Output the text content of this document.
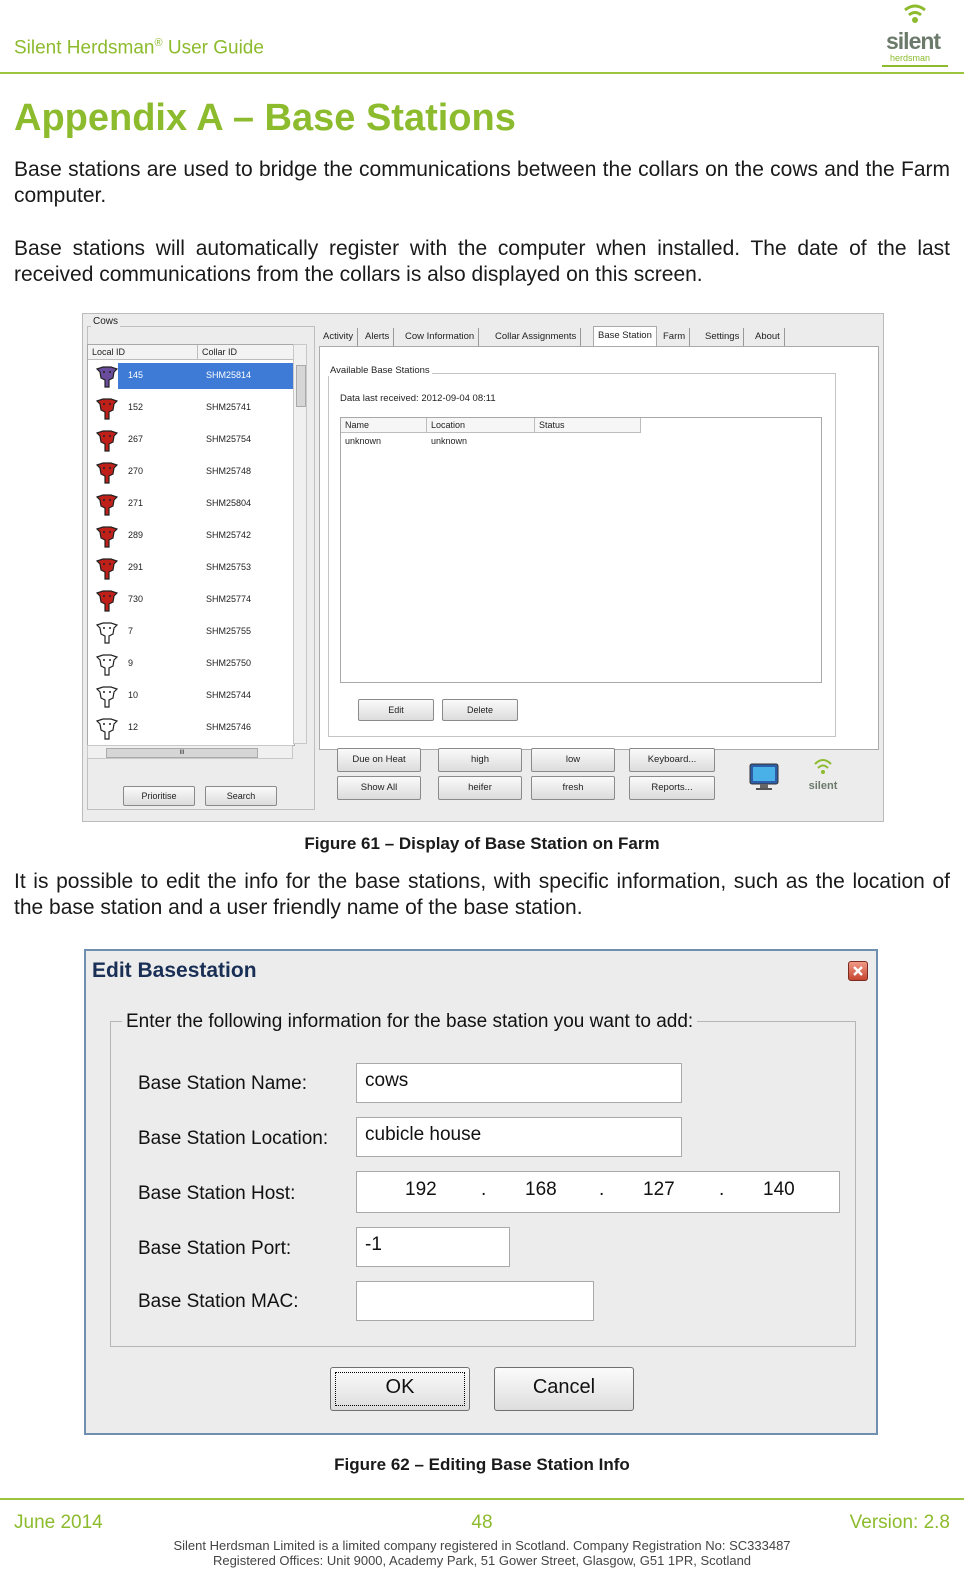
Silent Herdsman® User Guide	silent
herdsman
Appendix A – Base Stations
Base stations are used to bridge the communications between the collars on the cows and the Farm computer.
Base stations will automatically register with the computer when installed. The date of the last received communications from the collars is also displayed on this screen.
Cows
Local ID	Collar ID
145	SHM25814
152	SHM25741
267	SHM25754
270	SHM25748
271	SHM25804
289	SHM25742
291	SHM25753
730	SHM25774
7	SHM25755
9	SHM25750
10	SHM25744
12	SHM25746
III
Prioritise	Search
Activity	Alerts	Cow Information	Collar Assignments	Base Station	Farm	Settings	About
Available Base Stations
Data last received: 2012-09-04 08:11
Name	Location	Status
unknown	unknown
Edit	Delete
Due on Heat	high	low	Keyboard...
Show All	heifer	fresh	Reports...	silent
Figure 61 – Display of Base Station on Farm
It is possible to edit the info for the base stations, with specific information, such as the location of the base station and a user friendly name of the base station.
Edit Basestation
Enter the following information for the base station you want to add:
Base Station Name:	cows
Base Station Location:	cubicle house
Base Station Host:	192 . 168 . 127 . 140
Base Station Port:	-1
Base Station MAC:
OK	Cancel
Figure 62 – Editing Base Station Info
June 2014	48	Version: 2.8
Silent Herdsman Limited is a limited company registered in Scotland. Company Registration No: SC333487
Registered Offices: Unit 9000, Academy Park, 51 Gower Street, Glasgow, G51 1PR, Scotland
